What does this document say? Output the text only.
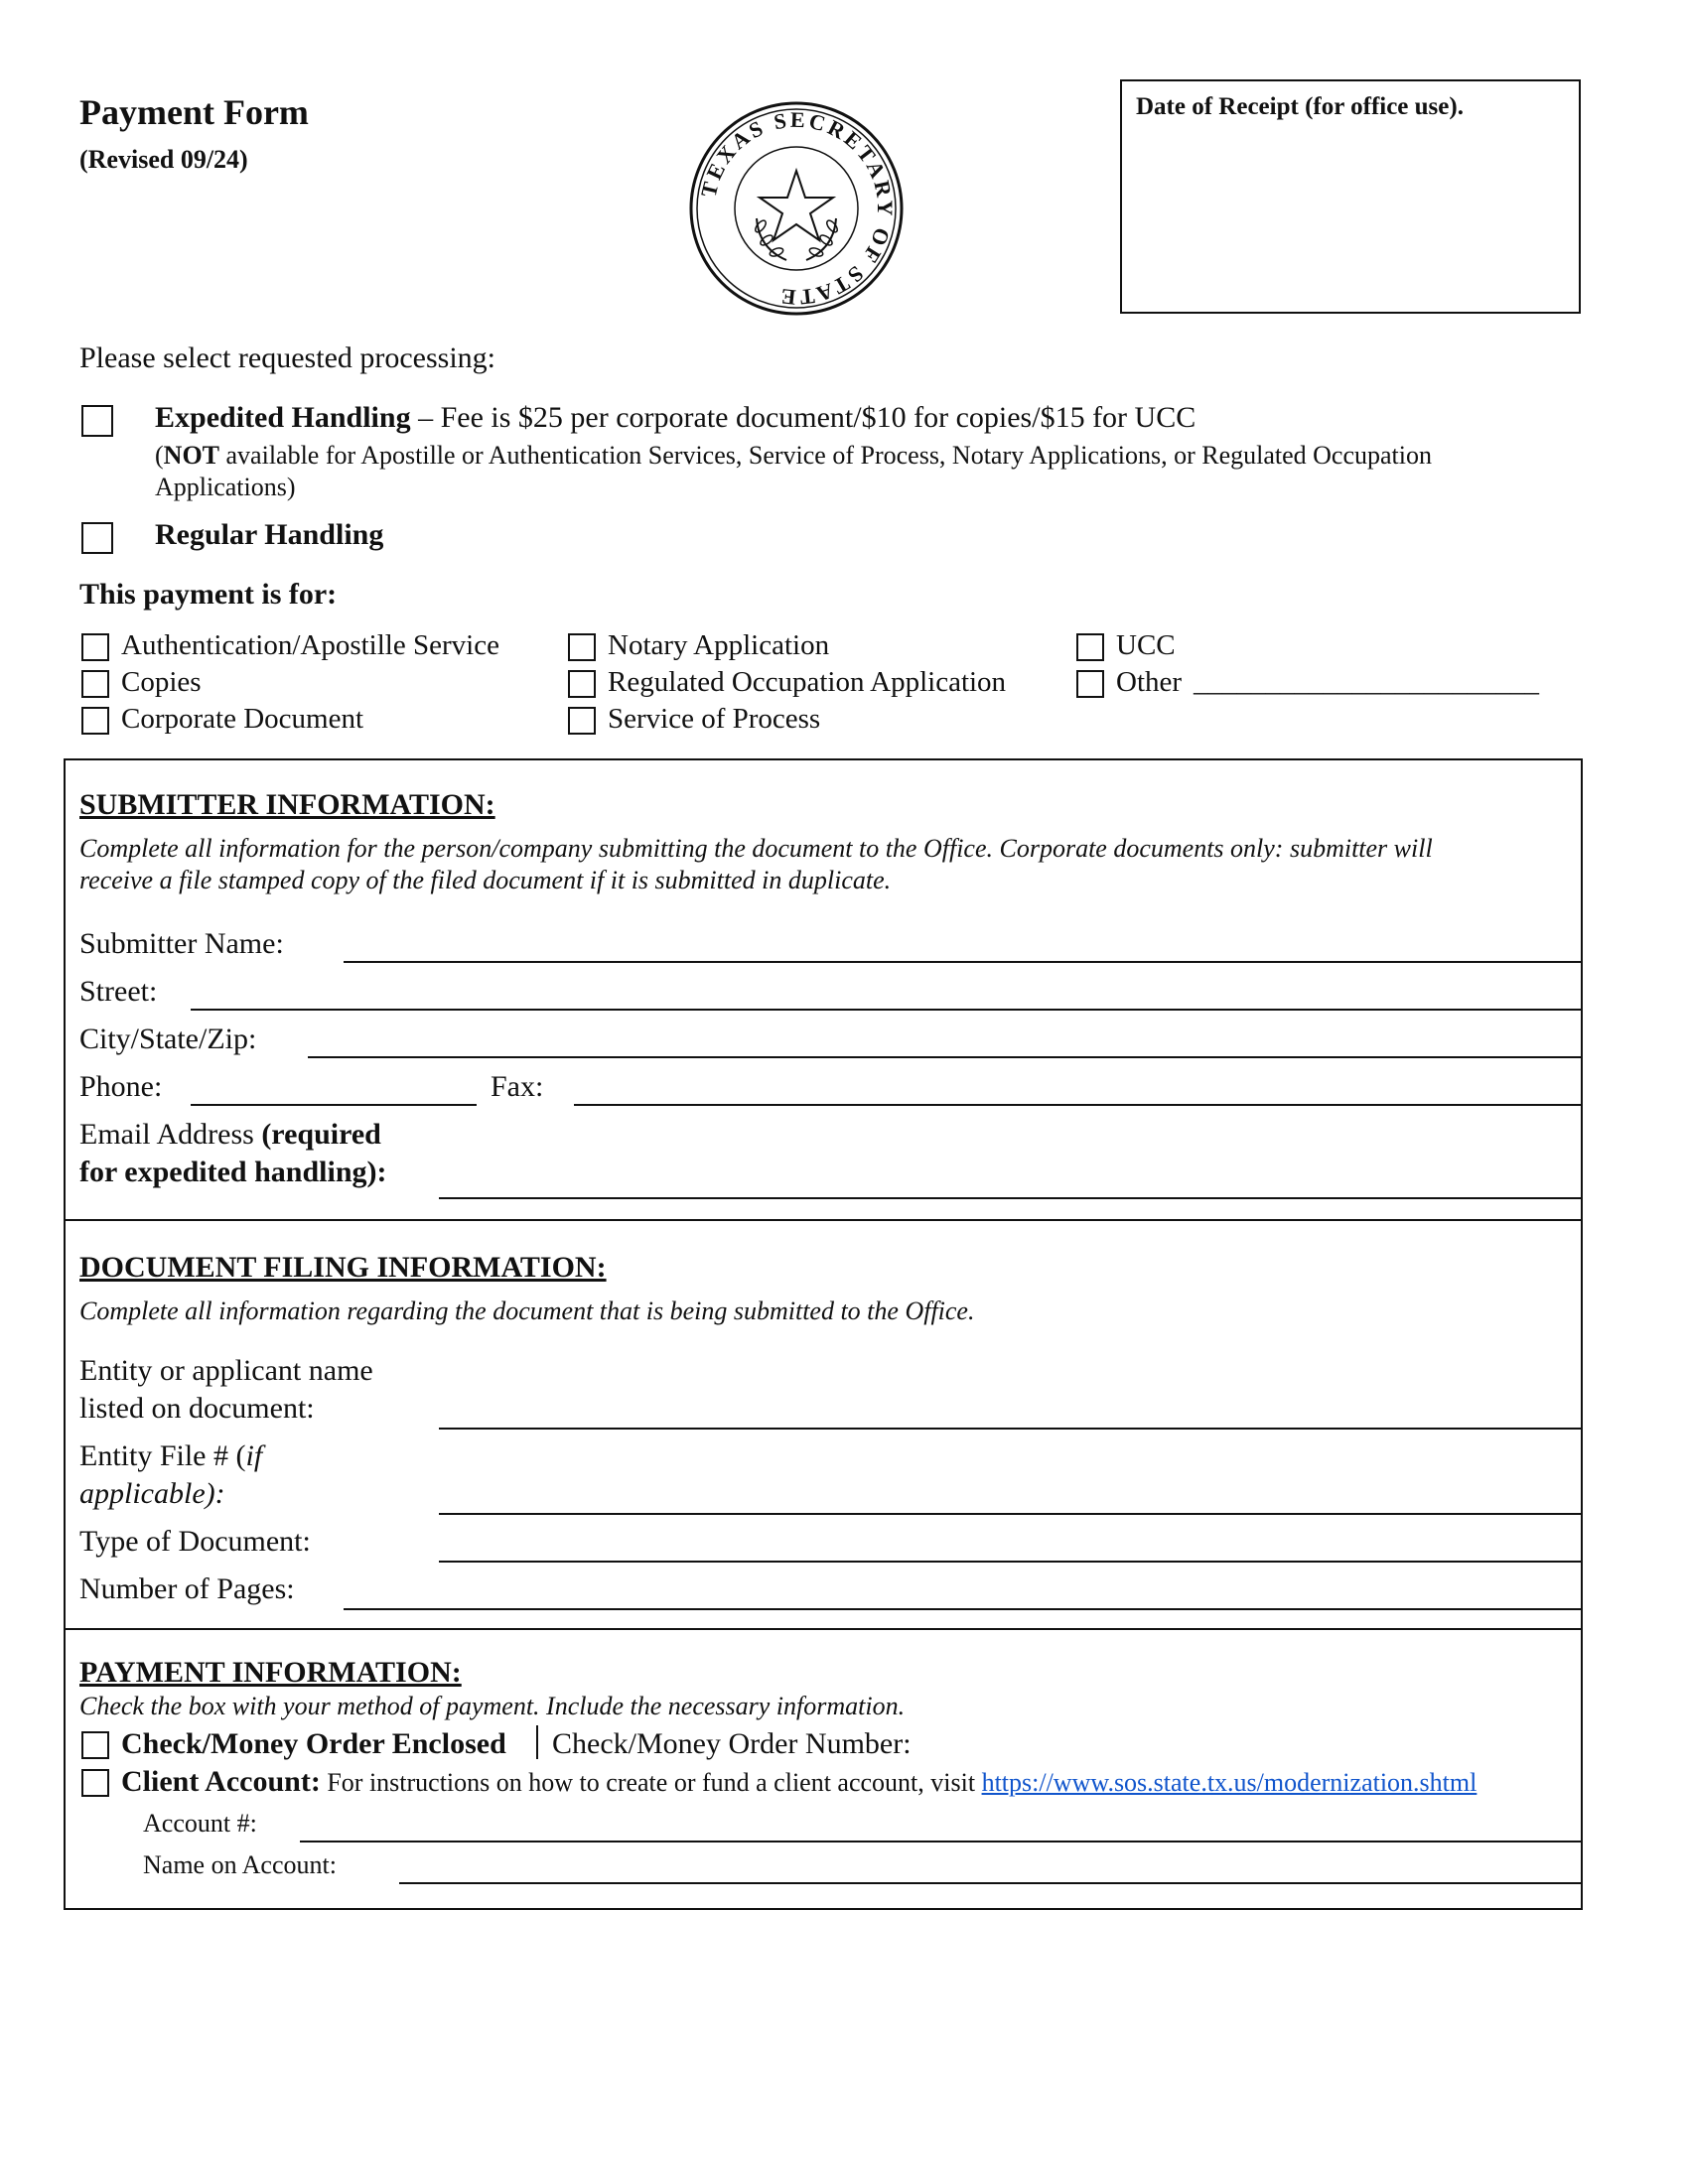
Payment Form
(Revised 09/24)
TEXAS SECRETARY OF STATE
Date of Receipt (for office use).
Please select requested processing:
Expedited Handling – Fee is $25 per corporate document/$10 for copies/$15 for UCC
(NOT available for Apostille or Authentication Services, Service of Process, Notary Applications, or Regulated Occupation
Applications)
Regular Handling
This payment is for:
Authentication/Apostille Service
Copies
Corporate Document
Notary Application
Regulated Occupation Application
Service of Process
UCC
Other ________________________
SUBMITTER INFORMATION:
Complete all information for the person/company submitting the document to the Office. Corporate documents only: submitter will
receive a file stamped copy of the filed document if it is submitted in duplicate.
Submitter Name:
Street:
City/State/Zip:
Phone:	Fax:
Email Address (required
for expedited handling):
DOCUMENT FILING INFORMATION:
Complete all information regarding the document that is being submitted to the Office.
Entity or applicant name
listed on document:
Entity File # (if
applicable):
Type of Document:
Number of Pages:
PAYMENT INFORMATION:
Check the box with your method of payment. Include the necessary information.
Check/Money Order Enclosed Check/Money Order Number:
Client Account: For instructions on how to create or fund a client account, visit https://www.sos.state.tx.us/modernization.shtml
Account #:
Name on Account:
